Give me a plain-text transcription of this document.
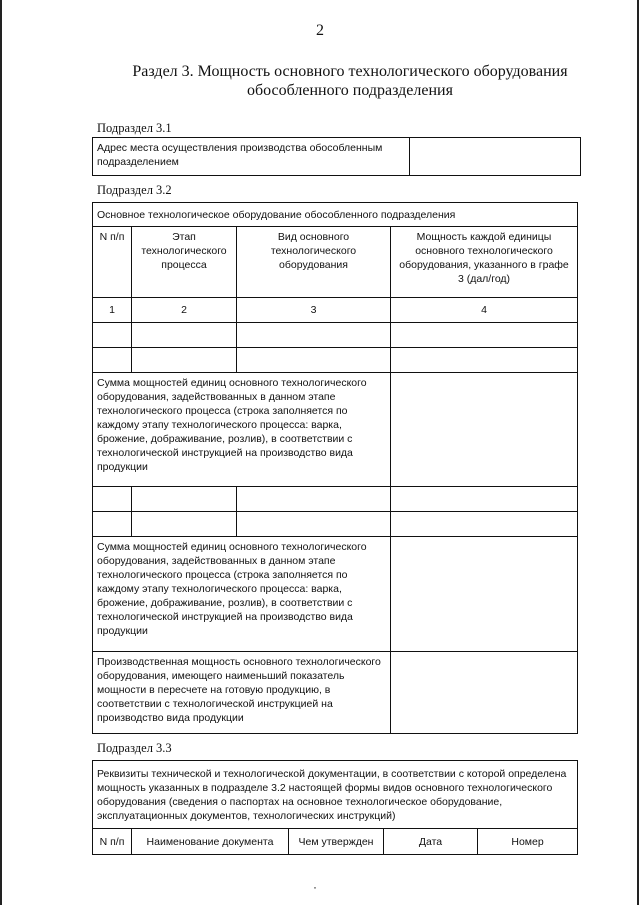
2
Раздел 3. Мощность основного технологического оборудования
обособленного подразделения
Подраздел 3.1
Адрес места осуществления производства обособленным подразделением	
Подраздел 3.2
Основное технологическое оборудование обособленного подразделения			
N п/п	Этап технологического процесса	Вид основного технологического оборудования	Мощность каждой единицы основного технологического оборудования, указанного в графе 3 (дал/год)
1	2	3	4

Сумма мощностей единиц основного технологического оборудования, задействованных в данном этапе технологического процесса (строка заполняется по каждому этапу технологического процесса: варка, брожение, дображивание, розлив), в соответствии с технологической инструкцией на производство вида продукции			

Сумма мощностей единиц основного технологического оборудования, задействованных в данном этапе технологического процесса (строка заполняется по каждому этапу технологического процесса: варка, брожение, дображивание, розлив), в соответствии с технологической инструкцией на производство вида продукции			
Производственная мощность основного технологического оборудования, имеющего наименьший показатель мощности в пересчете на готовую продукцию, в соответствии с технологической инструкцией на производство вида продукции			
Подраздел 3.3
Реквизиты технической и технологической документации, в соответствии с которой определена мощность указанных в подразделе 3.2 настоящей формы видов основного технологического оборудования (сведения о паспортах на основное технологическое оборудование, эксплуатационных документов, технологических инструкций)
N п/п	Наименование документа	Чем утвержден	Дата	Номер
·
